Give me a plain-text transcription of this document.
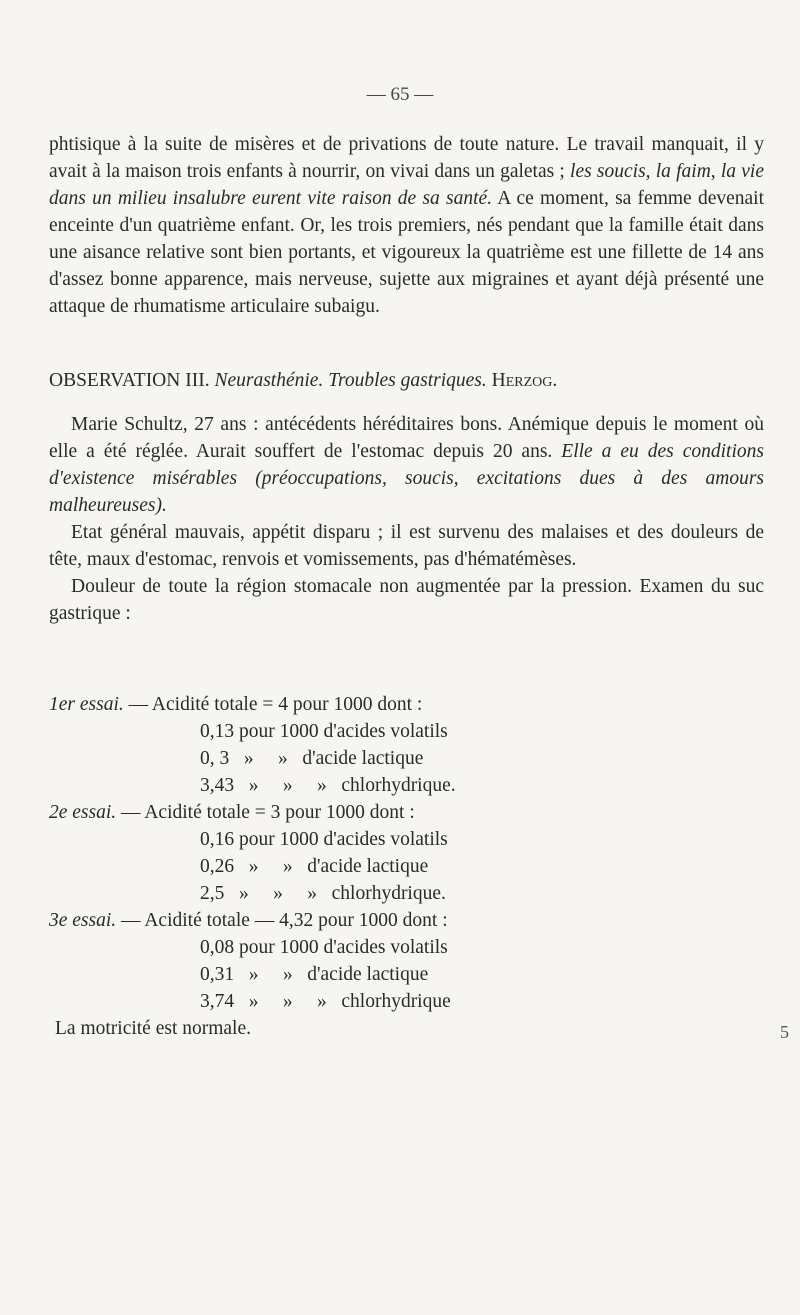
— 65 —

phtisique à la suite de misères et de privations de toute nature. Le travail manquait, il y avait à la maison trois enfants à nourrir, on vivai dans un galetas ; les soucis, la faim, la vie dans un milieu insalubre eurent vite raison de sa santé. A ce moment, sa femme devenait enceinte d'un quatrième enfant. Or, les trois premiers, nés pendant que la famille était dans une aisance relative sont bien portants, et vigoureux la quatrième est une fillette de 14 ans d'assez bonne apparence, mais nerveuse, sujette aux migraines et ayant déjà présenté une attaque de rhumatisme articulaire subaigu.

OBSERVATION III. Neurasthénie. Troubles gastriques. Herzog.

Marie Schultz, 27 ans : antécédents héréditaires bons. Anémique depuis le moment où elle a été réglée. Aurait souffert de l'estomac depuis 20 ans. Elle a eu des conditions d'existence misérables (préoccupations, soucis, excitations dues à des amours malheureuses).

Etat général mauvais, appétit disparu ; il est survenu des malaises et des douleurs de tête, maux d'estomac, renvois et vomissements, pas d'hématémèses.

Douleur de toute la région stomacale non augmentée par la pression. Examen du suc gastrique :

1er essai. — Acidité totale = 4 pour 1000 dont :
0,13 pour 1000 d'acides volatils
0, 3   »     »   d'acide lactique
3,43   »     »     »   chlorhydrique.
2e essai. — Acidité totale = 3 pour 1000 dont :
0,16 pour 1000 d'acides volatils
0,26   »     »   d'acide lactique
2,5   »     »     »   chlorhydrique.
3e essai. — Acidité totale — 4,32 pour 1000 dont :
0,08 pour 1000 d'acides volatils
0,31   »     »   d'acide lactique
3,74   »     »     »   chlorhydrique
La motricité est normale.	5
